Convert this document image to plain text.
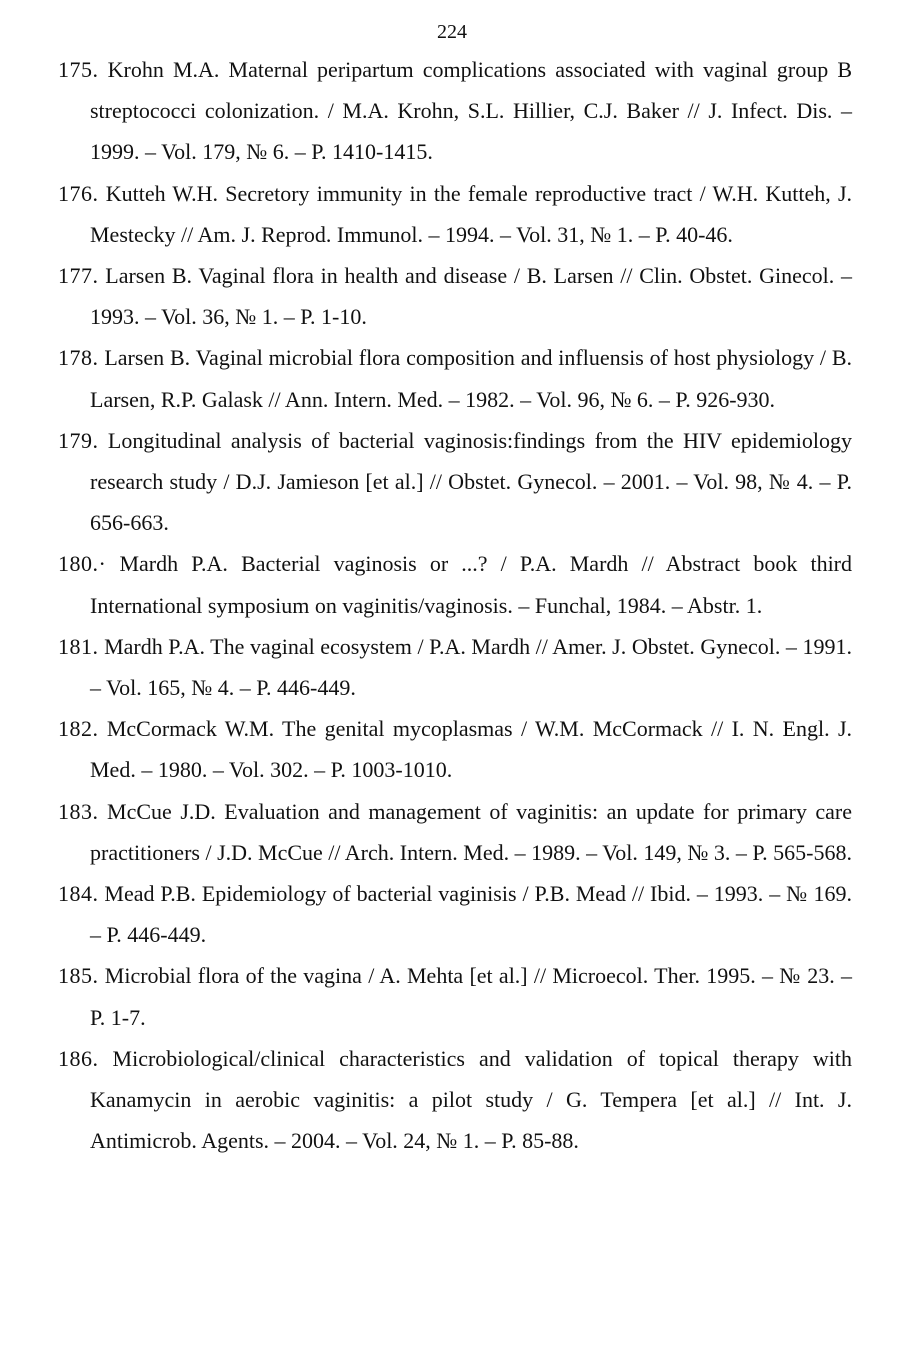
224
175. Krohn M.A. Maternal peripartum complications associated with vaginal group B streptococci colonization. / M.A. Krohn, S.L. Hillier, C.J. Baker // J. Infect. Dis. – 1999. – Vol. 179, № 6. – P. 1410-1415.
176. Kutteh W.H. Secretory immunity in the female reproductive tract / W.H. Kutteh, J. Mestecky // Am. J. Reprod. Immunol. – 1994. – Vol. 31, № 1. – P. 40-46.
177. Larsen B. Vaginal flora in health and disease / B. Larsen // Clin. Obstet. Ginecol. – 1993. – Vol. 36, № 1. – P. 1-10.
178. Larsen B. Vaginal microbial flora composition and influensis of host physiology / B. Larsen, R.P. Galask // Ann. Intern. Med. – 1982. – Vol. 96, № 6. – P. 926-930.
179. Longitudinal analysis of bacterial vaginosis:findings from the HIV epidemiology research study / D.J. Jamieson [et al.] // Obstet. Gynecol. – 2001. – Vol. 98, № 4. – P. 656-663.
180.· Mardh P.A. Bacterial vaginosis or ...? / P.A. Mardh // Abstract book third International symposium on vaginitis/vaginosis. – Funchal, 1984. – Abstr. 1.
181. Mardh P.A. The vaginal ecosystem / P.A. Mardh // Amer. J. Obstet. Gynecol. – 1991. – Vol. 165, № 4. – P. 446-449.
182. McCormack W.M. The genital mycoplasmas / W.M. McCormack // I. N. Engl. J. Med. – 1980. – Vol. 302. – P. 1003-1010.
183. McCue J.D. Evaluation and management of vaginitis: an update for primary care practitioners / J.D. McCue // Arch. Intern. Med. – 1989. – Vol. 149, № 3. – P. 565-568.
184. Mead P.B. Epidemiology of bacterial vaginisis / P.B. Mead // Ibid. – 1993. – № 169. – P. 446-449.
185. Microbial flora of the vagina / A. Mehta [et al.] // Microecol. Ther. 1995. – № 23. – P. 1-7.
186. Microbiological/clinical characteristics and validation of topical therapy with Kanamycin in aerobic vaginitis: a pilot study / G. Tempera [et al.] // Int. J. Antimicrob. Agents. – 2004. – Vol. 24, № 1. – P. 85-88.
